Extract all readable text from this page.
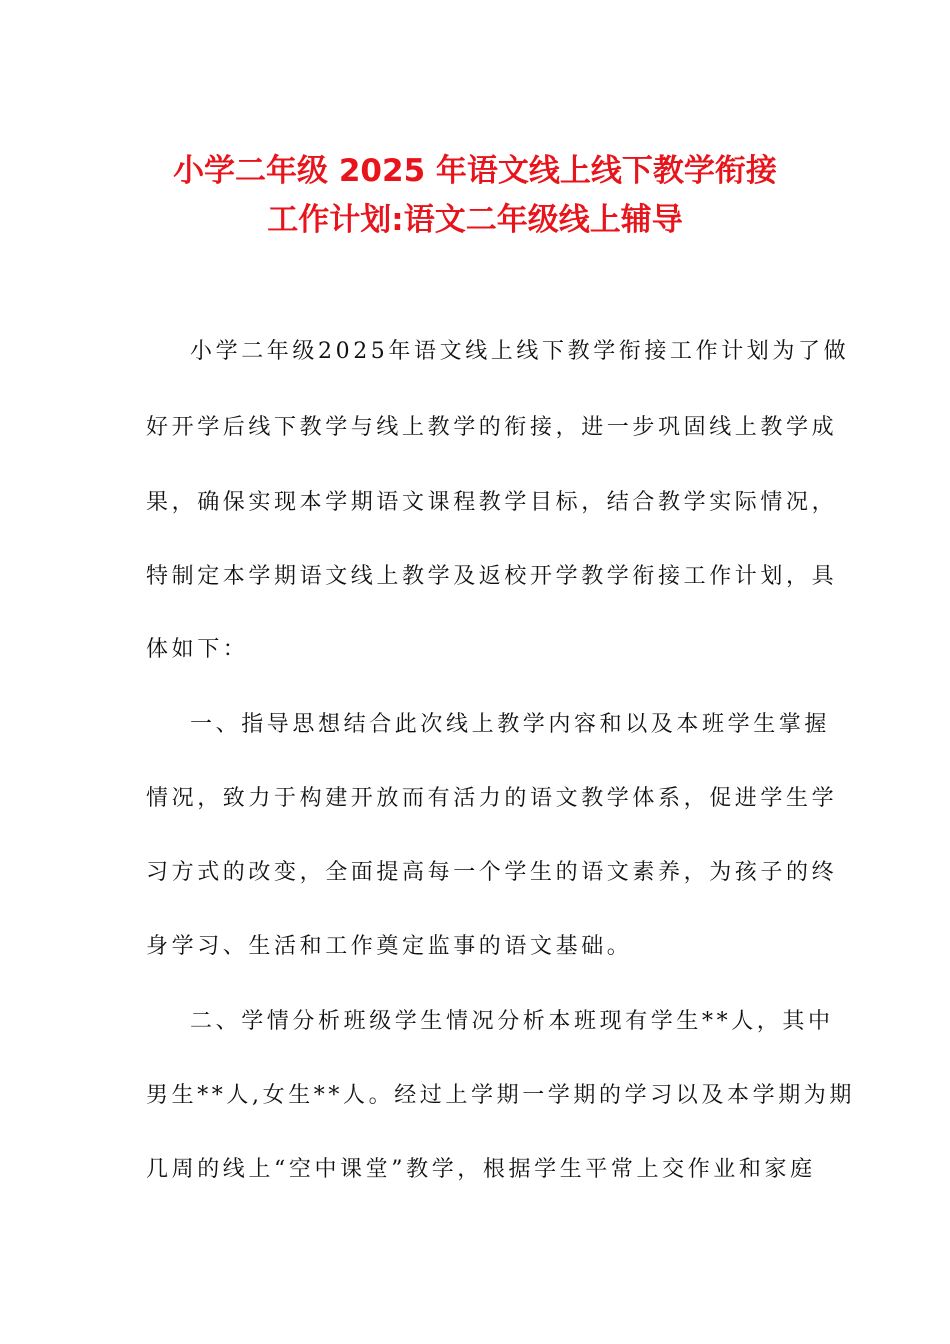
小学二年级 2025 年语文线上线下教学衔接
工作计划:语文二年级线上辅导
小学二年级2025年语文线上线下教学衔接工作计划为了做
好开学后线下教学与线上教学的衔接，进一步巩固线上教学成
果，确保实现本学期语文课程教学目标，结合教学实际情况，
特制定本学期语文线上教学及返校开学教学衔接工作计划，具
体如下：
一、指导思想结合此次线上教学内容和以及本班学生掌握
情况，致力于构建开放而有活力的语文教学体系，促进学生学
习方式的改变，全面提高每一个学生的语文素养，为孩子的终
身学习、生活和工作奠定监事的语文基础。
二、学情分析班级学生情况分析本班现有学生**人，其中
男生**人,女生**人。经过上学期一学期的学习以及本学期为期
几周的线上“空中课堂”教学，根据学生平常上交作业和家庭
